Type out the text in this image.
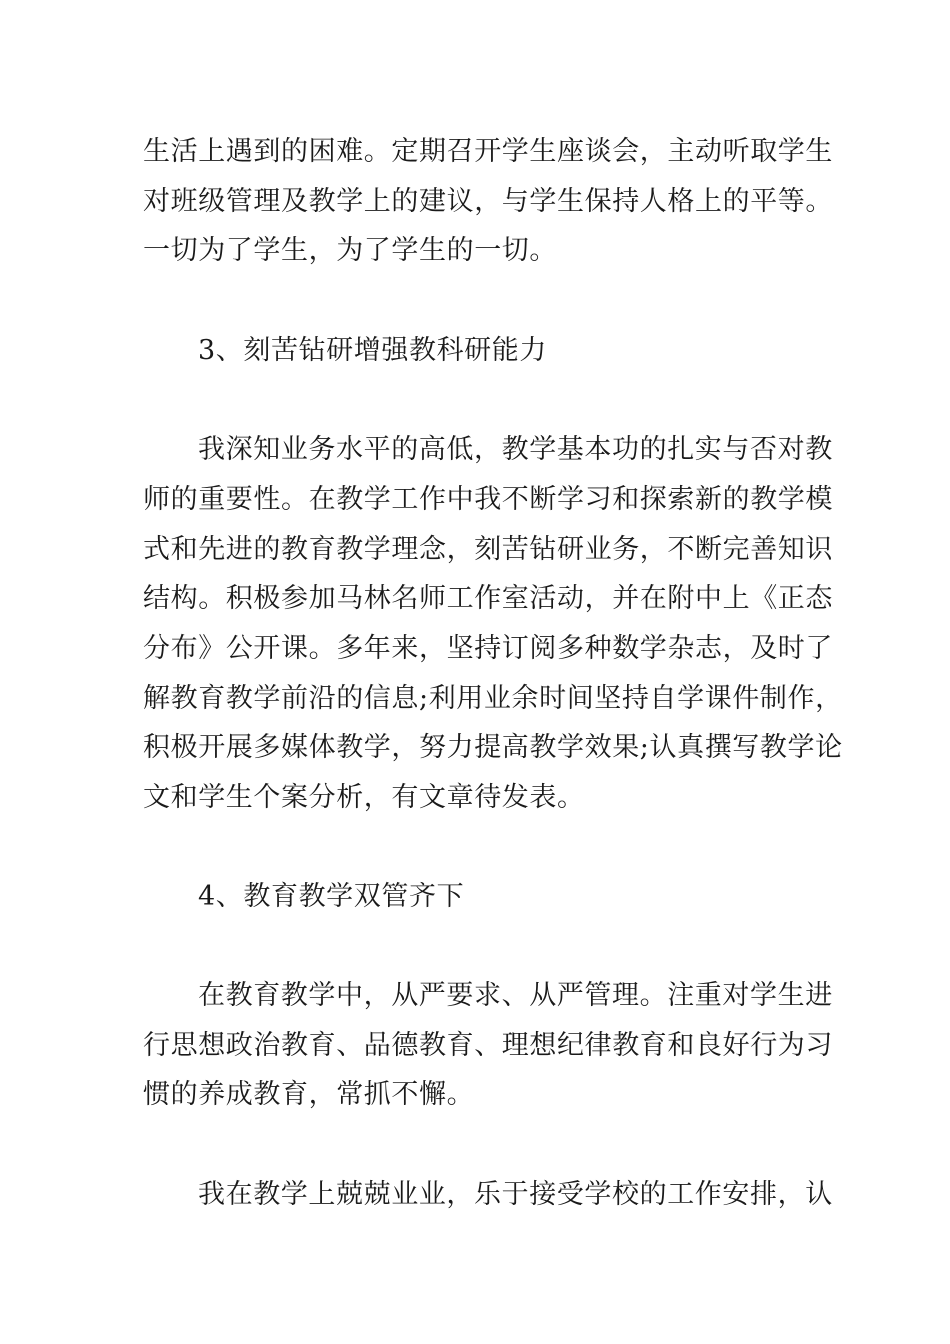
生活上遇到的困难。定期召开学生座谈会，主动听取学生
对班级管理及教学上的建议，与学生保持人格上的平等。
一切为了学生，为了学生的一切。
3、刻苦钻研增强教科研能力
我深知业务水平的高低，教学基本功的扎实与否对教
师的重要性。在教学工作中我不断学习和探索新的教学模
式和先进的教育教学理念，刻苦钻研业务，不断完善知识
结构。积极参加马林名师工作室活动，并在附中上《正态
分布》公开课。多年来，坚持订阅多种数学杂志，及时了
解教育教学前沿的信息;利用业余时间坚持自学课件制作，
积极开展多媒体教学，努力提高教学效果;认真撰写教学论
文和学生个案分析，有文章待发表。
4、教育教学双管齐下
在教育教学中，从严要求、从严管理。注重对学生进
行思想政治教育、品德教育、理想纪律教育和良好行为习
惯的养成教育，常抓不懈。
我在教学上兢兢业业，乐于接受学校的工作安排，认
